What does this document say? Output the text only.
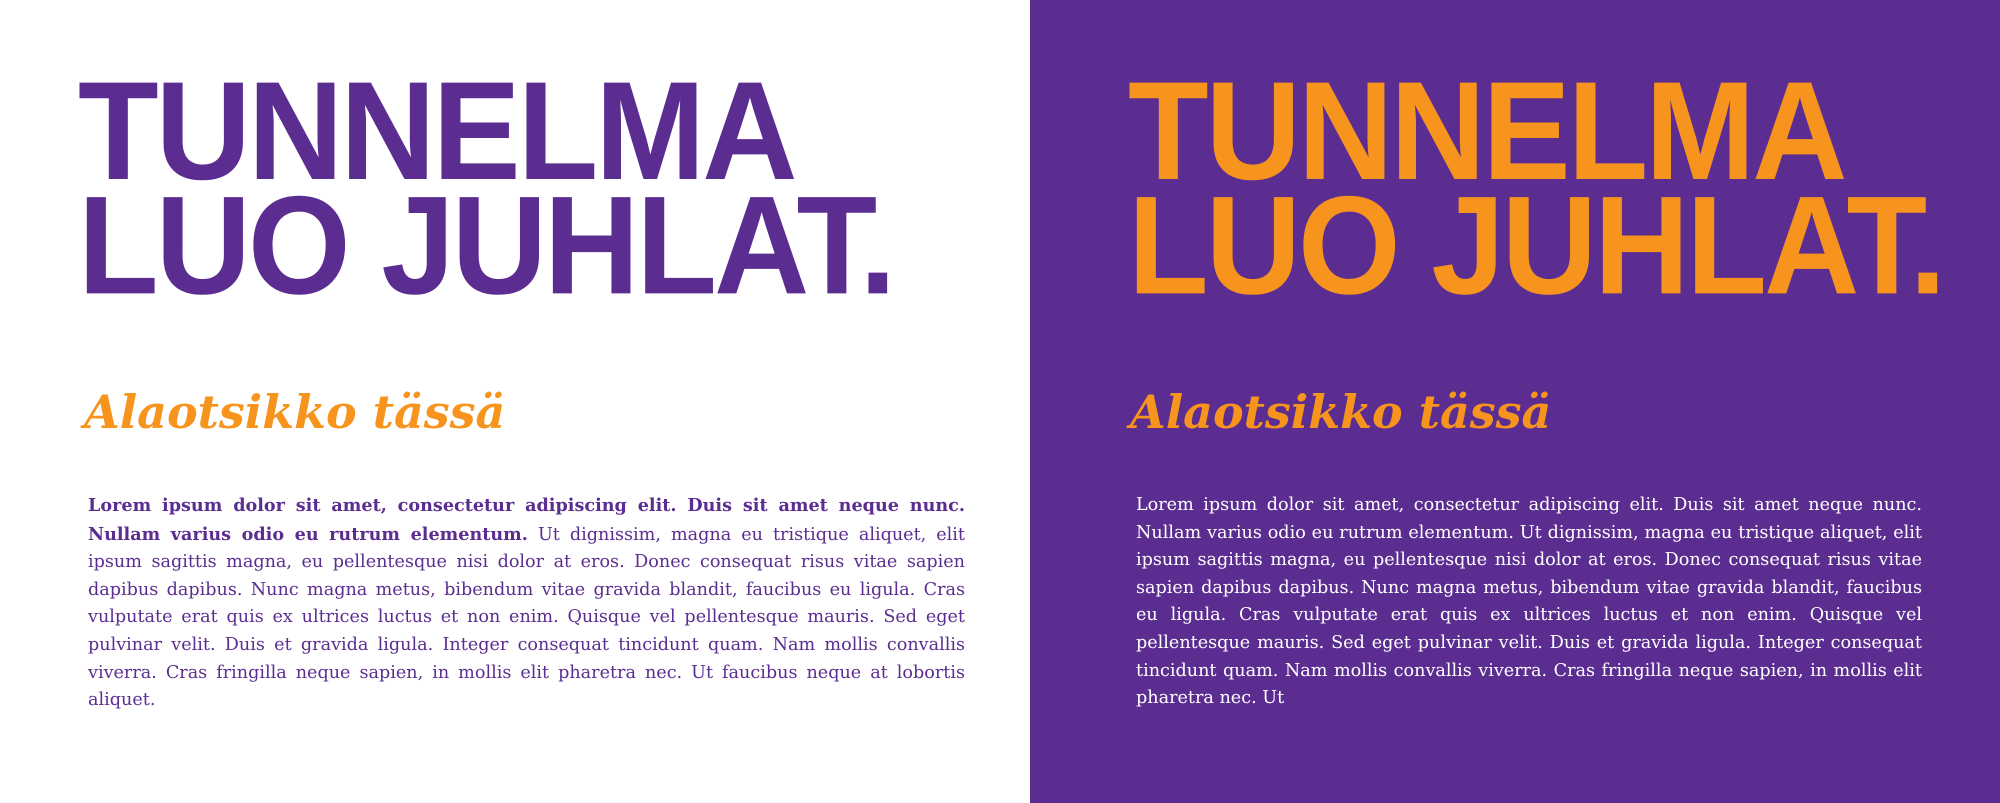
TUNNELMA
LUO JUHLAT.
Alaotsikko tässä

Lorem ipsum dolor sit amet, consectetur adipiscing elit. Duis sit amet neque nunc. Nullam varius odio eu rutrum elementum. Ut dignissim, magna eu tristique aliquet, elit ipsum sagittis magna, eu pellentesque nisi dolor at eros. Donec consequat risus vitae sapien dapibus dapibus. Nunc magna metus, bibendum vitae gravida blandit, faucibus eu ligula. Cras vulputate erat quis ex ultrices luctus et non enim. Quisque vel pellentesque mauris. Sed eget pulvinar velit. Duis et gravida ligula. Integer consequat tincidunt quam. Nam mollis convallis viverra. Cras fringilla neque sapien, in mollis elit pharetra nec. Ut faucibus neque at lobortis aliquet.

TUNNELMA
LUO JUHLAT.
Alaotsikko tässä

Lorem ipsum dolor sit amet, consectetur adipiscing elit. Duis sit amet neque nunc. Nullam varius odio eu rutrum elementum. Ut dignissim, magna eu tristique aliquet, elit ipsum sagittis magna, eu pellentesque nisi dolor at eros. Donec consequat risus vitae sapien dapibus dapibus. Nunc magna metus, bibendum vitae gravida blandit, faucibus eu ligula. Cras vulputate erat quis ex ultrices luctus et non enim. Quisque vel pellentesque mauris. Sed eget pulvinar velit. Duis et gravida ligula. Integer consequat tincidunt quam. Nam mollis convallis viverra. Cras fringilla neque sapien, in mollis elit pharetra nec. Ut
